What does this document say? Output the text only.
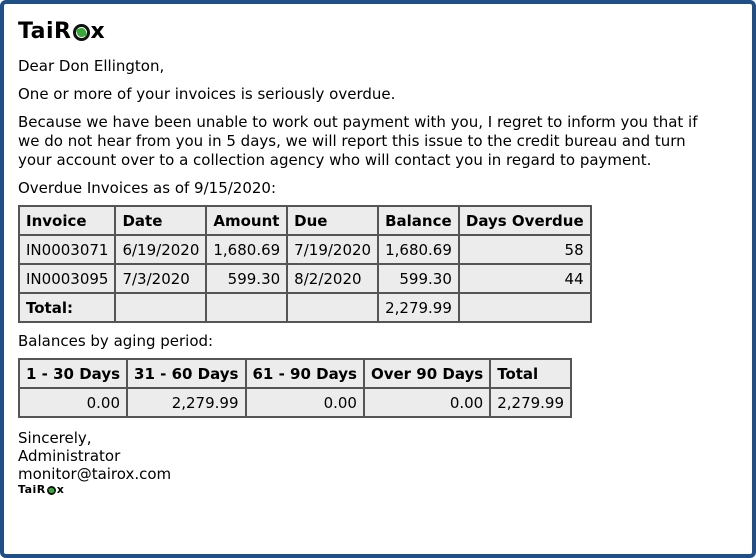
TaiR x

Dear Don Ellington,

One or more of your invoices is seriously overdue.

Because we have been unable to work out payment with you, I regret to inform you that if we do not hear from you in 5 days, we will report this issue to the credit bureau and turn your account over to a collection agency who will contact you in regard to payment.

Overdue Invoices as of 9/15/2020:

Invoice	Date	Amount	Due	Balance	Days Overdue
IN0003071	6/19/2020	1,680.69	7/19/2020	1,680.69	58
IN0003095	7/3/2020	599.30	8/2/2020	599.30	44
Total:				2,279.99	

Balances by aging period:

1 - 30 Days	31 - 60 Days	61 - 90 Days	Over 90 Days	Total
0.00	2,279.99	0.00	0.00	2,279.99
Sincerely,
Administrator
monitor@tairox.com
TaiR x
